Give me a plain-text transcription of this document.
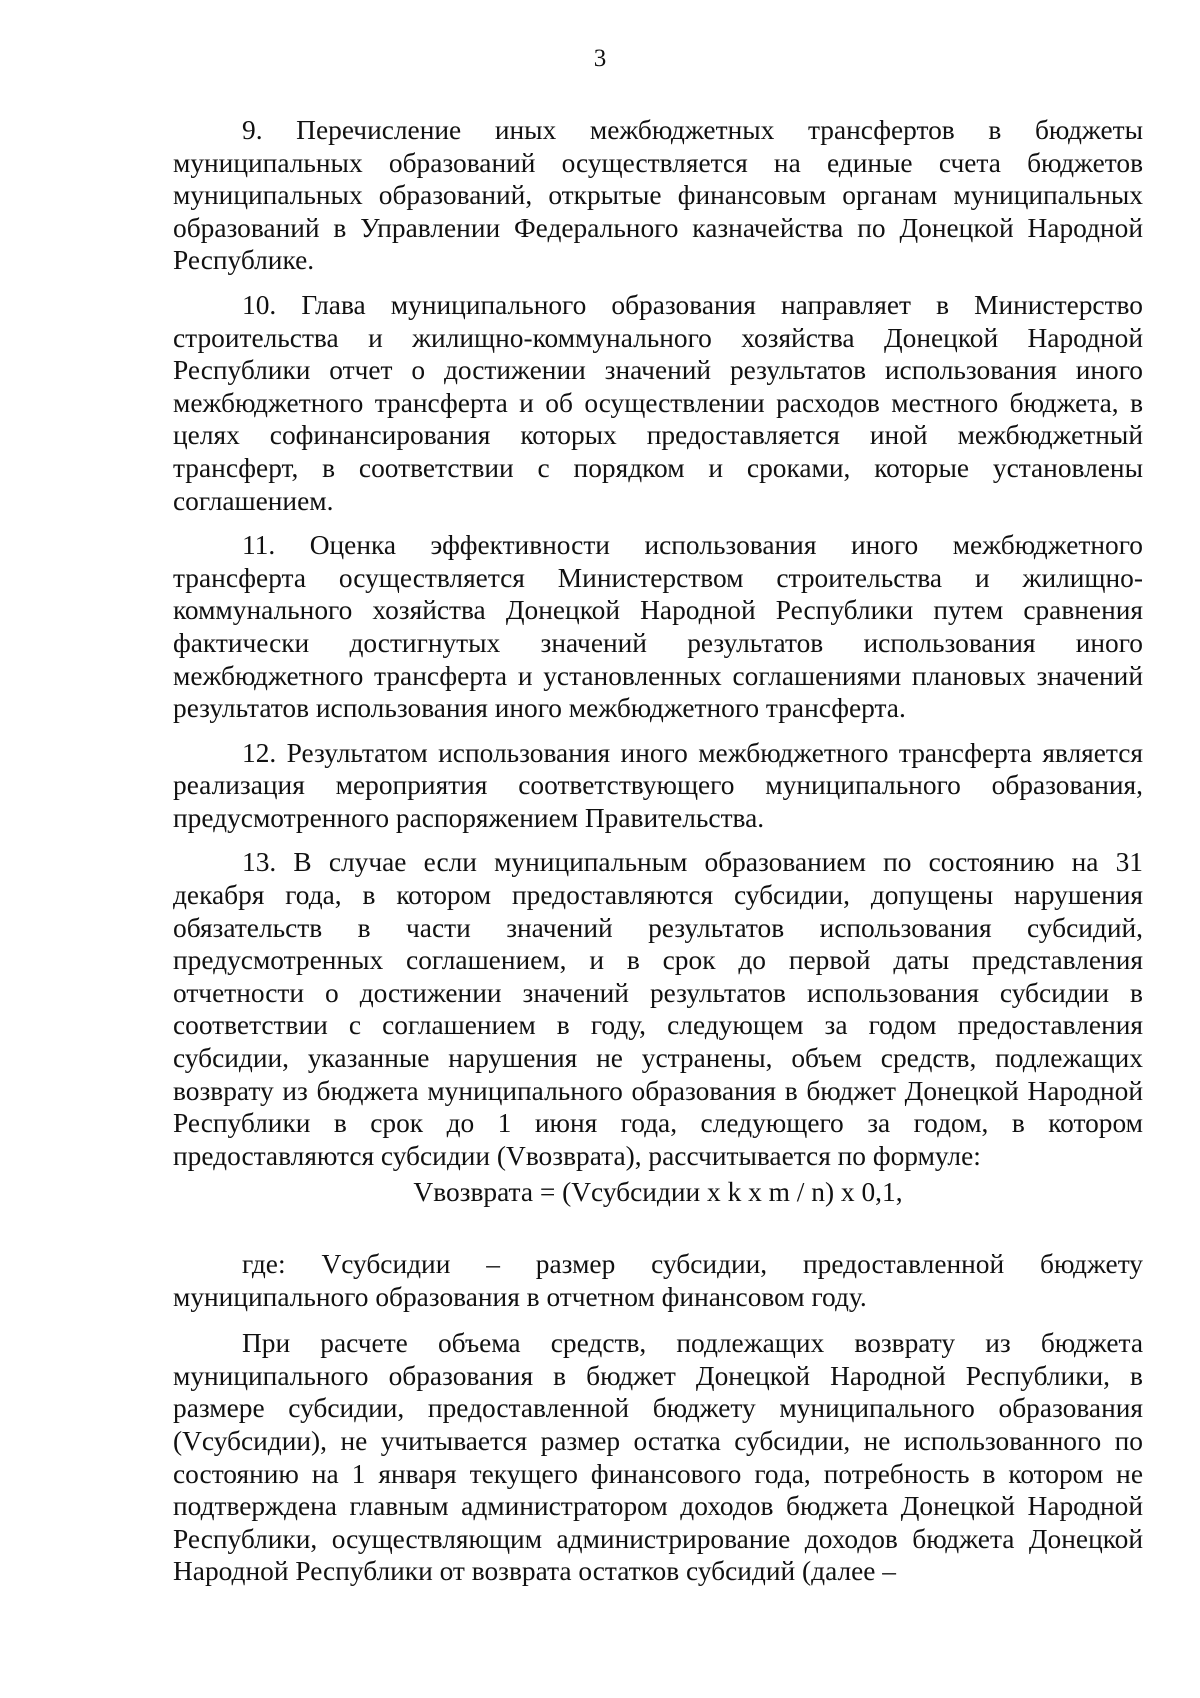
3

9. Перечисление иных межбюджетных трансфертов в бюджеты муниципальных образований осуществляется на единые счета бюджетов муниципальных образований, открытые финансовым органам муниципальных образований в Управлении Федерального казначейства по Донецкой Народной Республике.

10. Глава муниципального образования направляет в Министерство строительства и жилищно-коммунального хозяйства Донецкой Народной Республики отчет о достижении значений результатов использования иного межбюджетного трансферта и об осуществлении расходов местного бюджета, в целях софинансирования которых предоставляется иной межбюджетный трансферт, в соответствии с порядком и сроками, которые установлены соглашением.

11. Оценка эффективности использования иного межбюджетного трансферта осуществляется Министерством строительства и жилищно-коммунального хозяйства Донецкой Народной Республики путем сравнения фактически достигнутых значений результатов использования иного межбюджетного трансферта и установленных соглашениями плановых значений результатов использования иного межбюджетного трансферта.

12. Результатом использования иного межбюджетного трансферта является реализация мероприятия соответствующего муниципального образования, предусмотренного распоряжением Правительства.

13. В случае если муниципальным образованием по состоянию на 31 декабря года, в котором предоставляются субсидии, допущены нарушения обязательств в части значений результатов использования субсидий, предусмотренных соглашением, и в срок до первой даты представления отчетности о достижении значений результатов использования субсидии в соответствии с соглашением в году, следующем за годом предоставления субсидии, указанные нарушения не устранены, объем средств, подлежащих возврату из бюджета муниципального образования в бюджет Донецкой Народной Республики в срок до 1 июня года, следующего за годом, в котором предоставляются субсидии (Vвозврата), рассчитывается по формуле:

Vвозврата = (Vсубсидии x k x m / n) x 0,1,

где: Vсубсидии – размер субсидии, предоставленной бюджету муниципального образования в отчетном финансовом году.

При расчете объема средств, подлежащих возврату из бюджета муниципального образования в бюджет Донецкой Народной Республики, в размере субсидии, предоставленной бюджету муниципального образования (Vсубсидии), не учитывается размер остатка субсидии, не использованного по состоянию на 1 января текущего финансового года, потребность в котором не подтверждена главным администратором доходов бюджета Донецкой Народной Республики, осуществляющим администрирование доходов бюджета Донецкой Народной Республики от возврата остатков субсидий (далее –
